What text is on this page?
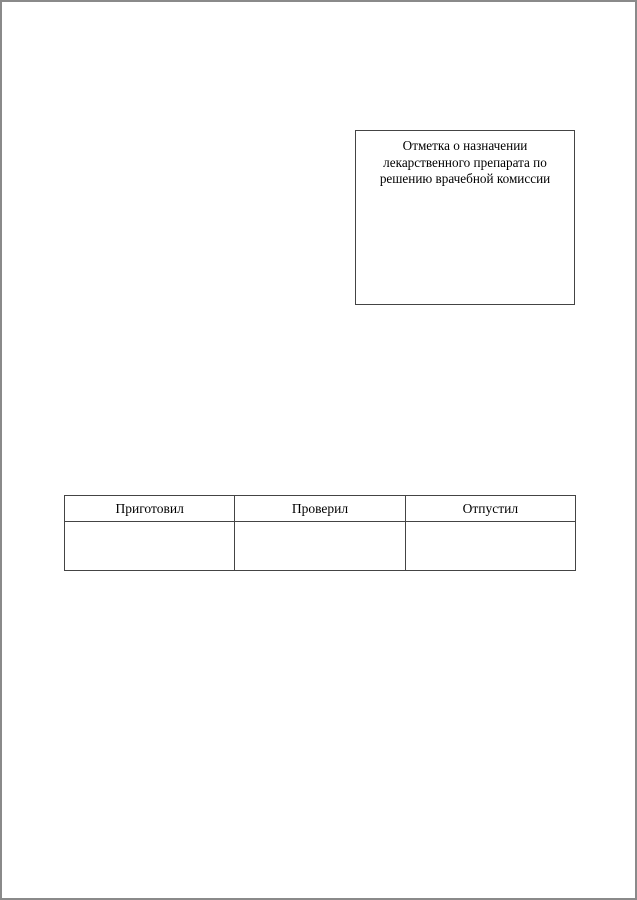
Отметка о назначении
лекарственного препарата по
решению врачебной комиссии
Приготовил	Проверил	Отпустил
